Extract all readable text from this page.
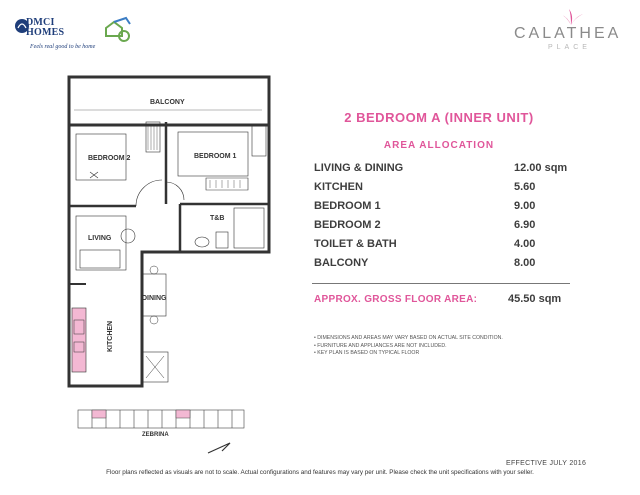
DMCI
HOMES
Feels real good to be home
CALATHEA
PLACE
BALCONY
BEDROOM 2	BEDROOM 1
T&B
LIVING
DINING
KITCHEN
ZEBRINA
2 BEDROOM A (INNER UNIT)
AREA ALLOCATION
LIVING & DINING	12.00 sqm
KITCHEN	5.60
BEDROOM 1	9.00
BEDROOM 2	6.90
TOILET & BATH	4.00
BALCONY	8.00
APPROX. GROSS FLOOR AREA:	45.50 sqm
• DIMENSIONS AND AREAS MAY VARY BASED ON ACTUAL SITE CONDITION.
• FURNITURE AND APPLIANCES ARE NOT INCLUDED.
• KEY PLAN IS BASED ON TYPICAL FLOOR
EFFECTIVE JULY 2016
Floor plans reflected as visuals are not to scale. Actual configurations and features may vary per unit. Please check the unit specifications with your seller.
